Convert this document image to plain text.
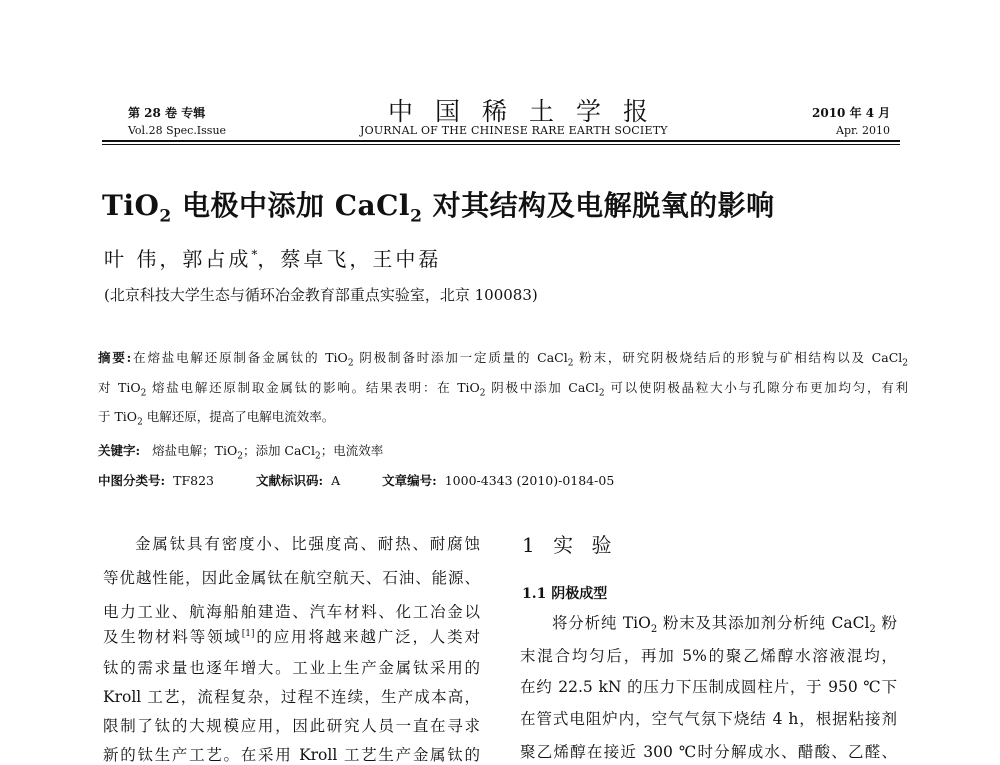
第 28 卷 专辑
Vol.28 Spec.Issue
中国稀土学报
JOURNAL OF THE CHINESE RARE EARTH SOCIETY
2010 年 4 月
Apr. 2010
TiO$_2$ 电极中添加 CaCl$_2$ 对其结构及电解脱氧的影响
叶 伟，郭占成*，蔡卓飞，王中磊
(北京科技大学生态与循环冶金教育部重点实验室，北京 100083)
摘要:在熔盐电解还原制备金属钛的 TiO$_2$ 阴极制备时添加一定质量的 CaCl$_2$ 粉末，研究阴极烧结后的形貌与矿相结构以及 CaCl$_2$
对 TiO$_2$ 熔盐电解还原制取金属钛的影响。结果表明：在 TiO$_2$ 阴极中添加 CaCl$_2$ 可以使阴极晶粒大小与孔隙分布更加均匀，有利
于 TiO$_2$ 电解还原，提高了电解电流效率。
关键字: 熔盐电解；TiO$_2$；添加 CaCl$_2$；电流效率
中图分类号: TF823	文献标识码: A	文章编号: 1000-4343 (2010)-0184-05
金属钛具有密度小、比强度高、耐热、耐腐蚀
等优越性能，因此金属钛在航空航天、石油、能源、
电力工业、航海船舶建造、汽车材料、化工冶金以
及生物材料等领域[1]的应用将越来越广泛，人类对
钛的需求量也逐年增大。工业上生产金属钛采用的
Kroll 工艺，流程复杂，过程不连续，生产成本高，
限制了钛的大规模应用，因此研究人员一直在寻求
新的钛生产工艺。在采用 Kroll 工艺生产金属钛的
1 实 验
1.1 阴极成型
将分析纯 TiO$_2$ 粉末及其添加剂分析纯 CaCl$_2$ 粉
末混合均匀后，再加 5%的聚乙烯醇水溶液混均，
在约 22.5 kN 的压力下压制成圆柱片，于 950 ℃下
在管式电阻炉内，空气气氛下烧结 4 h，根据粘接剂
聚乙烯醇在接近 300 ℃时分解成水、醋酸、乙醛、
